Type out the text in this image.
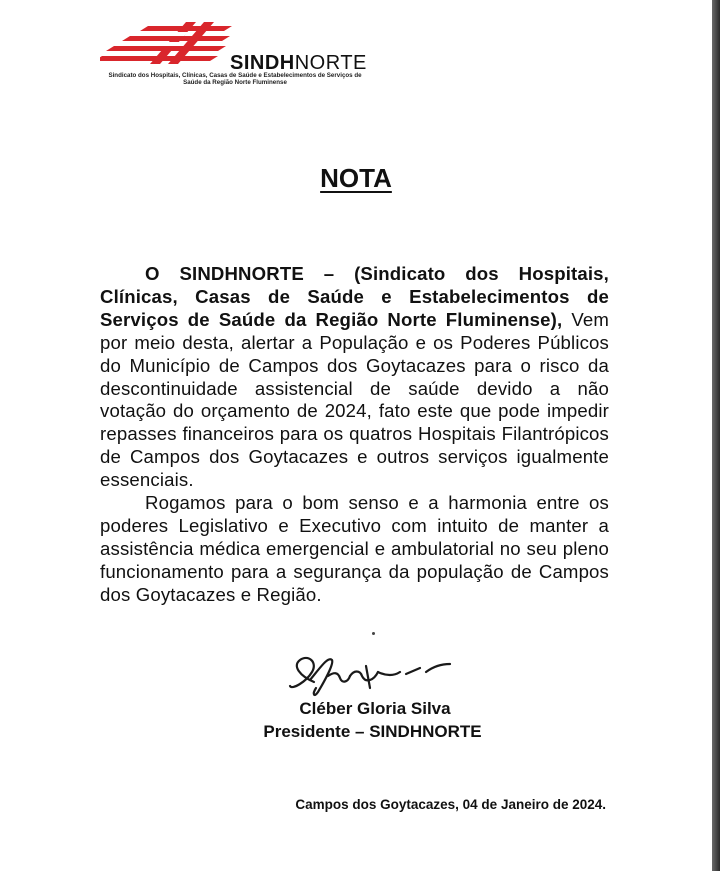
SINDHNORTE
Sindicato dos Hospitais, Clínicas, Casas de Saúde e Estabelecimentos de Serviços de Saúde da Região Norte Fluminense
NOTA

O SINDHNORTE – (Sindicato dos Hospitais, Clínicas, Casas de Saúde e Estabelecimentos de Serviços de Saúde da Região Norte Fluminense), Vem por meio desta, alertar a População e os Poderes Públicos do Município de Campos dos Goytacazes para o risco da descontinuidade assistencial de saúde devido a não votação do orçamento de 2024, fato este que pode impedir repasses financeiros para os quatros Hospitais Filantrópicos de Campos dos Goytacazes e outros serviços igualmente essenciais.

Rogamos para o bom senso e a harmonia entre os poderes Legislativo e Executivo com intuito de manter a assistência médica emergencial e ambulatorial no seu pleno funcionamento para a segurança da população de Campos dos Goytacazes e Região.

Cléber Gloria Silva
Presidente – SINDHNORTE
Campos dos Goytacazes, 04 de Janeiro de 2024.
